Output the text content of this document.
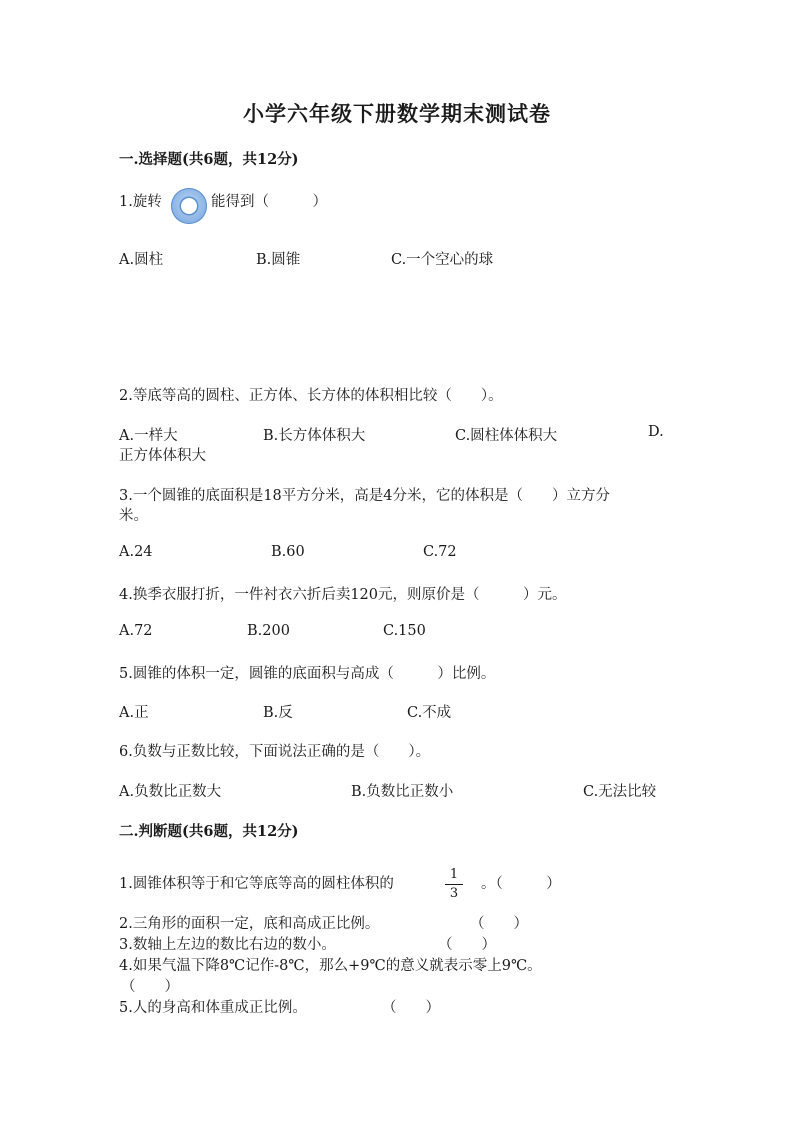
小学六年级下册数学期末测试卷
一.选择题(共6题，共12分)
1.旋转	能得到（　　　）
A.圆柱	B.圆锥	C.一个空心的球
2.等底等高的圆柱、正方体、长方体的体积相比较（　　）。
A.一样大	B.长方体体积大	C.圆柱体体积大	D.
正方体体积大
3.一个圆锥的底面积是18平方分米，高是4分米，它的体积是（　　）立方分
米。
A.24	B.60	C.72
4.换季衣服打折，一件衬衣六折后卖120元，则原价是（　　　）元。
A.72	B.200	C.150
5.圆锥的体积一定，圆锥的底面积与高成（　　　）比例。
A.正	B.反	C.不成
6.负数与正数比较，下面说法正确的是（　　）。
A.负数比正数大	B.负数比正数小	C.无法比较
二.判断题(共6题，共12分)
1.圆锥体积等于和它等底等高的圆柱体积的
1
3
。（　　　）
2.三角形的面积一定，底和高成正比例。	（　　）
3.数轴上左边的数比右边的数小。	（　　）
4.如果气温下降8℃记作-8℃，那么+9℃的意义就表示零上9℃。
（　　）
5.人的身高和体重成正比例。	（　　）
